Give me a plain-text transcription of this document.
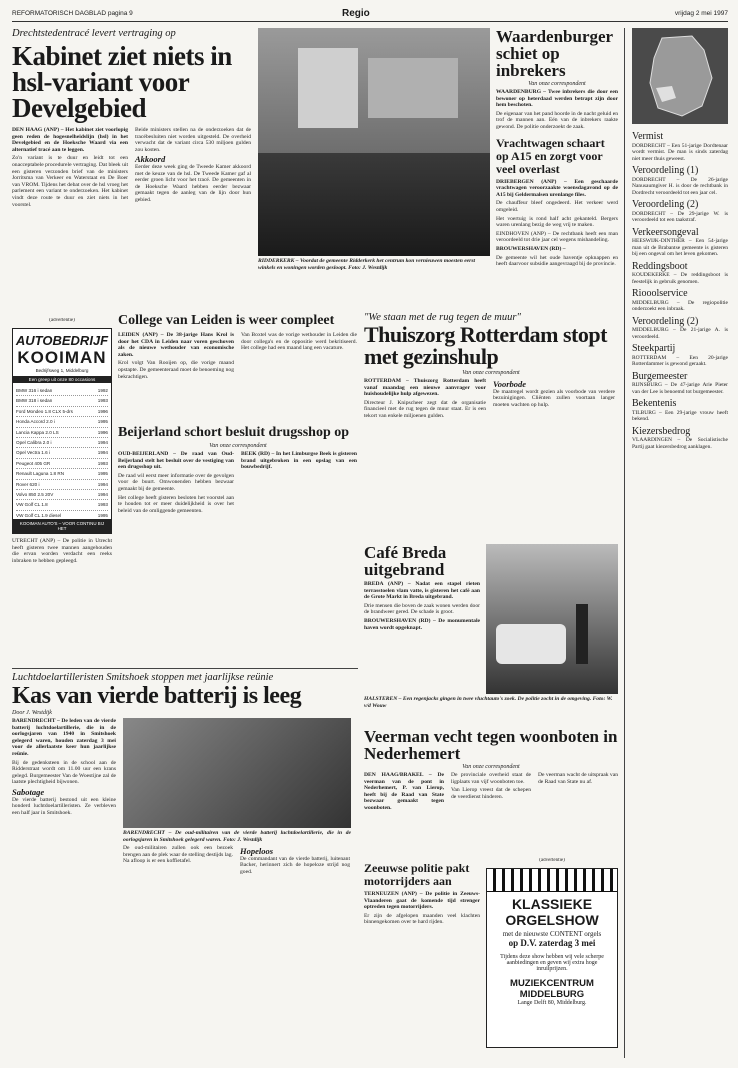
REFORMATORISCH DAGBLAD pagina 9	Regio	vrijdag 2 mei 1997
Drechtstedentracé levert vertraging op
Kabinet ziet niets in hsl-variant voor Develgebied

DEN HAAG (ANP) – Het kabinet ziet voorlopig geen reden de hogesnelheidslijn (hsl) in het Develgebied en de Hoeksche Waard via een alternatief tracé aan te leggen.

Zo'n variant is te duur en leidt tot een onacceptabele procedurele vertraging. Dat bleek uit een gisteren verzonden brief van de ministers Jorritsma van Verkeer en Waterstaat en De Boer van VROM. Tijdens het debat over de hsl vroeg het parlement een variant te onderzoeken. Het kabinet vindt deze route te duur en ziet niets in het voorstel.

Beide ministers stellen na de onderzoeken dat de tracébesluiten niet worden uitgesteld. De overheid verwacht dat de variant circa 530 miljoen gulden zou kosten.

Akkoord

Eerder deze week ging de Tweede Kamer akkoord met de keuze van de hsl. De Tweede Kamer gaf al eerder groen licht voor het tracé. De gemeenten in de Hoeksche Waard hebben eerder bezwaar gemaakt tegen de aanleg van de lijn door hun gebied.

RIDDERKERK – Voordat de gemeente Ridderkerk het centrum kon vernieuwen moesten eerst winkels en woningen worden gesloopt. Foto: J. Westdijk
Waardenburger schiet op inbrekers
Van onze correspondent

WAARDENBURG – Twee inbrekers die door een bewoner op heterdaad werden betrapt zijn door hem beschoten.

De eigenaar van het pand hoorde in de nacht geluid en trof de mannen aan. Eén van de inbrekers raakte gewond. De politie onderzoekt de zaak.

Vrachtwagen schaart op A15 en zorgt voor veel overlast

DRIEBERGEN (ANP) – Een geschaarde vrachtwagen veroorzaakte woensdagavond op de A15 bij Geldermalsen urenlange files.

De chauffeur bleef ongedeerd. Het verkeer werd omgeleid.

Het voertuig is rond half acht gekanteld. Bergers waren urenlang bezig de weg vrij te maken.

EINDHOVEN (ANP) – De rechtbank heeft een man veroordeeld tot drie jaar cel wegens mishandeling.

BROUWERSHAVEN (RD) –

De gemeente wil het oude haventje opknappen en heeft daarvoor subsidie aangevraagd bij de provincie.

Vermist

DORDRECHT – Een 51-jarige Dordtenaar wordt vermist. De man is sinds zaterdag niet meer thuis geweest.

Veroordeling (1)

DORDRECHT – De 26-jarige Nanusaumgiver H. is door de rechtbank in Dordrecht veroordeeld tot een jaar cel.

Veroordeling (2)

DORDRECHT – De 29-jarige W. is veroordeeld tot een taakstraf.

Verkeersongeval

HEESWIJK-DINTHER – Een 54-jarige man uit de Brabantse gemeente is gisteren bij een ongeval om het leven gekomen.

Reddingsboot

KOUDEKERKE – De reddingsboot is feestelijk in gebruik genomen.

Riooolservice

MIDDELBURG – De regiopolitie onderzoekt een inbraak.

Veroordeling (2)

MIDDELBURG – De 21-jarige A. is veroordeeld.

Steekpartij

ROTTERDAM – Een 20-jarige Rotterdammer is gewond geraakt.

Burgemeester

RIJNSBURG – De 47-jarige Arie Pieter van der Lee is benoemd tot burgemeester.

Bekentenis

TILBURG – Een 29-jarige vrouw heeft bekend.

Kiezersbedrog

VLAARDINGEN – De Socialistische Partij gaat kiezersbedrog aanklagen.

(advertentie)
AUTOBEDRIJF
KOOIMAN
Bedrijfsweg 1, Middelburg
Een greep uit onze 80 occasions
BMW 316 i sedan	1992
BMW 318 i sedan	1993
Ford Mondeo 1.8 CLX 5-drs	1996
Honda Accord 2.0 i	1995
Lancia Kappa 2.0 LS	1996
Opel Calibra 2.0 i	1994
Opel Vectra 1.6 i	1994
Peugeot 405 GR	1993
Renault Laguna 1.8 RN	1995
Rover 620 i	1994
Volvo 850 2.5 20V	1994
VW Golf CL 1.8	1993
VW Golf CL 1.9 diesel	1995
KOOIMAN AUTO'S – VOOR CONTINU BIJ HET

UTRECHT (ANP) – De politie in Utrecht heeft gisteren twee mannen aangehouden die ervan worden verdacht een reeks inbraken te hebben gepleegd.

College van Leiden is weer compleet

LEIDEN (ANP) – De 38-jarige Hans Krol is door het CDA in Leiden naar voren geschoven als de nieuwe wethouder van economische zaken.

Krol volgt Van Rooijen op, die vorige maand opstapte. De gemeenteraad moet de benoeming nog bekrachtigen.

Van Boxtel was de vorige wethouder in Leiden die door collega's en de oppositie werd bekritiseerd. Het college had een maand lang een vacature.

Beijerland schort besluit drugsshop op
Van onze correspondent

OUD-BEIJERLAND – De raad van Oud-Beijerland stelt het besluit over de vestiging van een drugsshop uit.

De raad wil eerst meer informatie over de gevolgen voor de buurt. Omwonenden hebben bezwaar gemaakt bij de gemeente.

Het college heeft gisteren besloten het voorstel aan te houden tot er meer duidelijkheid is over het beleid van de omliggende gemeenten.

BEEK (RD) – In het Limburgse Beek is gisteren brand uitgebroken in een opslag van een bouwbedrijf.

"We staan met de rug tegen de muur"
Thuiszorg Rotterdam stopt met gezinshulp
Van onze correspondent

ROTTERDAM – Thuiszorg Rotterdam heeft vanaf maandag een nieuwe aanvrager voor huishoudelijke hulp afgewezen.

Directeur J. Knipscheer zegt dat de organisatie financieel met de rug tegen de muur staat. Er is een tekort van enkele miljoenen gulden.

Voorbode

De maatregel wordt gezien als voorbode van verdere bezuinigingen. Cliënten zullen voortaan langer moeten wachten op hulp.

Café Breda uitgebrand

BREDA (ANP) – Nadat een stapel rieten terrasstoelen vlam vatte, is gisteren het café aan de Grote Markt in Breda uitgebrand.

Drie mensen die boven de zaak wonen werden door de brandweer gered. De schade is groot.

BROUWERSHAVEN (RD) – De monumentale haven wordt opgeknapt.

HALSTEREN – Een regenjacks gingen in twee vluchtauto's zoek. De politie zocht in de omgeving. Foto: W. v/d Wouw
Luchtdoelartilleristen Smitshoek stoppen met jaarlijkse reünie
Kas van vierde batterij is leeg
Door J. Westdijk

BARENDRECHT – De leden van de vierde batterij luchtdoelartillerie, die in de oorlogsjaren van 1940 in Smitshoek gelegerd waren, houden zaterdag 3 mei voor de allerlaatste keer hun jaarlijkse reünie.

Bij de gedenksteen in de school aan de Ridderstraat wordt om 11.00 uur een krans gelegd. Burgemeester Van de Woestijne zal de laatste plechtigheid bijwonen.

Sabotage

De vierde batterij bestond uit een kleine honderd luchtdoelartilleristen. Ze verbleven een half jaar in Smitshoek.

BARENDRECHT – De oud-militairen van de vierde batterij luchtdoelartillerie, die in de oorlogsjaren in Smitshoek gelegerd waren. Foto: J. Westdijk

De oud-militairen zullen ook een bezoek brengen aan de plek waar de stelling destijds lag. Na afloop is er een koffietafel.

Hopeloos

De commandant van de vierde batterij, luitenant Backer, herinnert zich de hopeloze strijd nog goed.

Veerman vecht tegen woonboten in Nederhemert
Van onze correspondent

DEN HAAG/BRAKEL – De veerman van de pont in Nederhemert, P. van Lierop, heeft bij de Raad van State bezwaar gemaakt tegen woonboten.

De provinciale overheid staat de ligplaats van vijf woonboten toe.

Van Lierop vreest dat de schepen de veerdienst hinderen.

De veerman wacht de uitspraak van de Raad van State nu af.

Zeeuwse politie pakt motorrijders aan

TERNEUZEN (ANP) – De politie in Zeeuws-Vlaanderen gaat de komende tijd strenger optreden tegen motorrijders.

Er zijn de afgelopen maanden veel klachten binnengekomen over te hard rijden.

(advertentie)
KLASSIEKE ORGELSHOW
met de nieuwste CONTENT orgels
op D.V. zaterdag 3 mei
Tijdens deze show hebben wij vele scherpe aanbiedingen en geven wij extra hoge inruilprijzen.
MUZIEKCENTRUM MIDDELBURG
Lange Delft 80, Middelburg.
